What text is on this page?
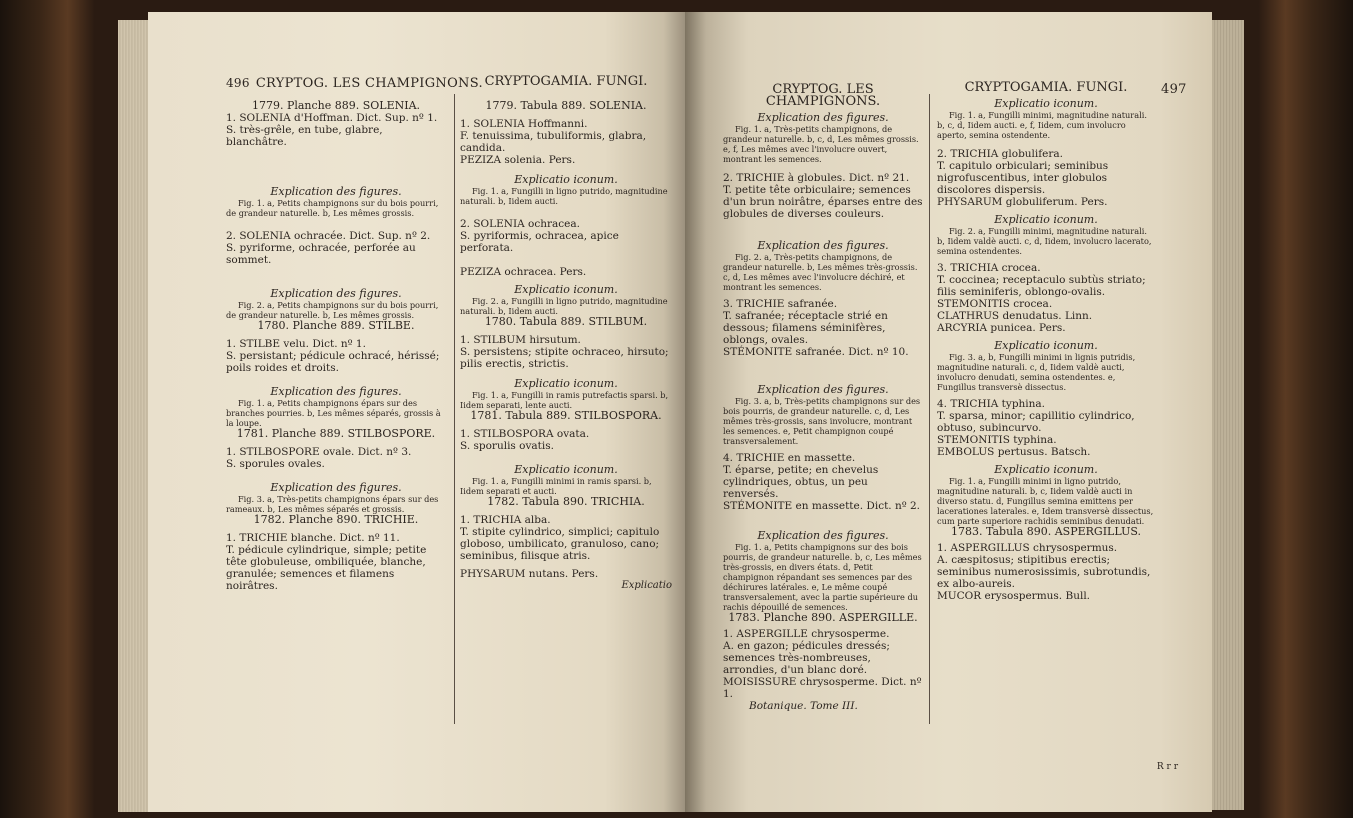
496 CRYPTOG. LES CHAMPIGNONS.

1779. Planche 889. SOLENIA.

1. SOLENIA d'Hoffman. Dict. Sup. nº 1.

S. très-grêle, en tube, glabre, blanchâtre.

Explication des figures.

Fig. 1. a, Petits champignons sur du bois pourri, de grandeur naturelle. b, Les mêmes grossis.

2. SOLENIA ochracée. Dict. Sup. nº 2.

S. pyriforme, ochracée, perforée au sommet.

Explication des figures.

Fig. 2. a, Petits champignons sur du bois pourri, de grandeur naturelle. b, Les mêmes grossis.

1780. Planche 889. STILBE.

1. STILBE velu. Dict. nº 1.

S. persistant; pédicule ochracé, hérissé; poils roides et droits.

Explication des figures.

Fig. 1. a, Petits champignons épars sur des branches pourries. b, Les mêmes séparés, grossis à la loupe.

1781. Planche 889. STILBOSPORE.

1. STILBOSPORE ovale. Dict. nº 3.

S. sporules ovales.

Explication des figures.

Fig. 3. a, Très-petits champignons épars sur des rameaux. b, Les mêmes séparés et grossis.

1782. Planche 890. TRICHIE.

1. TRICHIE blanche. Dict. nº 11.

T. pédicule cylindrique, simple; petite tête globuleuse, ombiliquée, blanche, granulée; semences et filamens noirâtres.

CRYPTOGAMIA. FUNGI.

1779. Tabula 889. SOLENIA.

1. SOLENIA Hoffmanni.

F. tenuissima, tubuliformis, glabra, candida.

PEZIZA solenia. Pers.

Explicatio iconum.

Fig. 1. a, Fungilli in ligno putrido, magnitudine naturali. b, Iidem aucti.

2. SOLENIA ochracea.

S. pyriformis, ochracea, apice perforata.

PEZIZA ochracea. Pers.

Explicatio iconum.

Fig. 2. a, Fungilli in ligno putrido, magnitudine naturali. b, Iidem aucti.

1780. Tabula 889. STILBUM.

1. STILBUM hirsutum.

S. persistens; stipite ochraceo, hirsuto; pilis erectis, strictis.

Explicatio iconum.

Fig. 1. a, Fungilli in ramis putrefactis sparsi. b, Iidem separati, lente aucti.

1781. Tabula 889. STILBOSPORA.

1. STILBOSPORA ovata.

S. sporulis ovatis.

Explicatio iconum.

Fig. 1. a, Fungilli minimi in ramis sparsi. b, Iidem separati et aucti.

1782. Tabula 890. TRICHIA.

1. TRICHIA alba.

T. stipite cylindrico, simplici; capitulo globoso, umbilicato, granuloso, cano; seminibus, filisque atris.

PHYSARUM nutans. Pers.

Explicatio

497

CRYPTOG. LES CHAMPIGNONS.

Explication des figures.

Fig. 1. a, Très-petits champignons, de grandeur naturelle. b, c, d, Les mêmes grossis. e, f, Les mêmes avec l'involucre ouvert, montrant les semences.

2. TRICHIE à globules. Dict. nº 21.

T. petite tête orbiculaire; semences d'un brun noirâtre, éparses entre des globules de diverses couleurs.

Explication des figures.

Fig. 2. a, Très-petits champignons, de grandeur naturelle. b, Les mêmes très-grossis. c, d, Les mêmes avec l'involucre déchiré, et montrant les semences.

3. TRICHIE safranée.

T. safranée; réceptacle strié en dessous; filamens séminifères, oblongs, ovales.

STÉMONITE safranée. Dict. nº 10.

Explication des figures.

Fig. 3. a, b, Très-petits champignons sur des bois pourris, de grandeur naturelle. c, d, Les mêmes très-grossis, sans involucre, montrant les semences. e, Petit champignon coupé transversalement.

4. TRICHIE en massette.

T. éparse, petite; en chevelus cylindriques, obtus, un peu renversés.

STÉMONITE en massette. Dict. nº 2.

Explication des figures.

Fig. 1. a, Petits champignons sur des bois pourris, de grandeur naturelle. b, c, Les mêmes très-grossis, en divers états. d, Petit champignon répandant ses semences par des déchirures latérales. e, Le même coupé transversalement, avec la partie supérieure du rachis dépouillé de semences.

1783. Planche 890. ASPERGILLE.

1. ASPERGILLE chrysosperme.

A. en gazon; pédicules dressés; semences très-nombreuses, arrondies, d'un blanc doré.

MOISISSURE chrysosperme. Dict. nº 1.

Botanique. Tome III.

CRYPTOGAMIA. FUNGI.

Explicatio iconum.

Fig. 1. a, Fungilli minimi, magnitudine naturali. b, c, d, Iidem aucti. e, f, Iidem, cum involucro aperto, semina ostendente.

2. TRICHIA globulifera.

T. capitulo orbiculari; seminibus nigrofuscentibus, inter globulos discolores dispersis.

PHYSARUM globuliferum. Pers.

Explicatio iconum.

Fig. 2. a, Fungilli minimi, magnitudine naturali. b, Iidem valdè aucti. c, d, Iidem, involucro lacerato, semina ostendentes.

3. TRICHIA crocea.

T. coccinea; receptaculo subtùs striato; filis seminiferis, oblongo-ovalis.

STEMONITIS crocea.

CLATHRUS denudatus. Linn.

ARCYRIA punicea. Pers.

Explicatio iconum.

Fig. 3. a, b, Fungilli minimi in lignis putridis, magnitudine naturali. c, d, Iidem valdè aucti, involucro denudati, semina ostendentes. e, Fungillus transversè dissectus.

4. TRICHIA typhina.

T. sparsa, minor; capillitio cylindrico, obtuso, subincurvo.

STEMONITIS typhina.

EMBOLUS pertusus. Batsch.

Explicatio iconum.

Fig. 1. a, Fungilli minimi in ligno putrido, magnitudine naturali. b, c, Iidem valdè aucti in diverso statu. d, Fungillus semina emittens per lacerationes laterales. e, Idem transversè dissectus, cum parte superiore rachidis seminibus denudati.

1783. Tabula 890. ASPERGILLUS.

1. ASPERGILLUS chrysospermus.

A. cæspitosus; stipitibus erectis; seminibus numerosissimis, subrotundis, ex albo-aureis.

MUCOR erysospermus. Bull.

R r r
